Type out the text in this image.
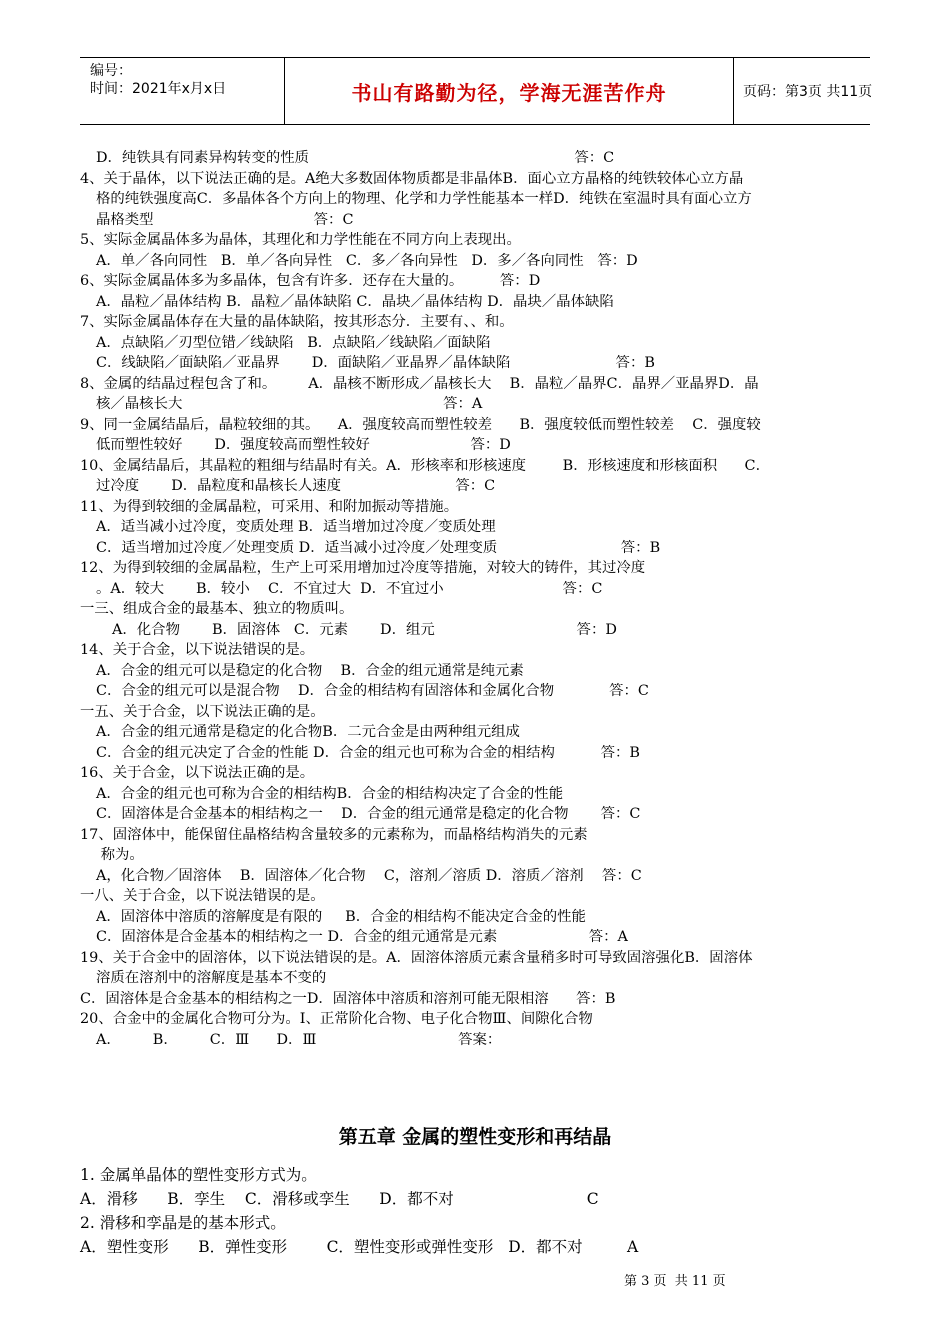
编号：
时间：2021年x月x日	书山有路勤为径，学海无涯苦作舟	页码：第3页 共11页
D．纯铁具有同素异构转变的性质                                                          答：C
4、关于晶体，以下说法正确的是。A绝大多数固体物质都是非晶体B．面心立方晶格的纯铁较体心立方晶
格的纯铁强度高C．多晶体各个方向上的物理、化学和力学性能基本一样D．纯铁在室温时具有面心立方
晶格类型                                   答：C
5、实际金属晶体多为晶体，其理化和力学性能在不同方向上表现出。
A．单／各向同性   B．单／各向异性   C．多／各向异性   D．多／各向同性   答：D
6、实际金属晶体多为多晶体，包含有许多．还存在大量的。        答：D
A．晶粒／晶体结构 B．晶粒／晶体缺陷 C．晶块／晶体结构 D．晶块／晶体缺陷
7、实际金属晶体存在大量的晶体缺陷，按其形态分．主要有、、和。
A．点缺陷／刃型位错／线缺陷   B．点缺陷／线缺陷／面缺陷
C．线缺陷／面缺陷／亚晶界       D．面缺陷／亚晶界／晶体缺陷                       答：B
8、金属的结晶过程包含了和。       A．晶核不断形成／晶核长大    B．晶粒／晶界C．晶界／亚晶界D．晶
核／晶核长大                                                         答：A
9、同一金属结晶后，晶粒较细的其。    A．强度较高而塑性较差      B．强度较低而塑性较差    C．强度较
低而塑性较好       D．强度较高而塑性较好                      答：D
10、金属结晶后，其晶粒的粗细与结晶时有关。A．形核率和形核速度        B．形核速度和形核面积      C．
过冷度       D．晶粒度和晶核长人速度                         答：C
11、为得到较细的金属晶粒，可采用、和附加振动等措施。
A．适当减小过冷度，变质处理 B．适当增加过冷度／变质处理
C．适当增加过冷度／处理变质 D．适当减小过冷度／处理变质                           答：B
12、为得到较细的金属晶粒，生产上可采用增加过冷度等措施，对较大的铸件，其过冷度
。A．较大       B．较小    C．不宜过大  D．不宜过小                          答：C
一三、组成合金的最基本、独立的物质叫。
A．化合物       B．固溶体   C．元素       D．组元                               答：D
14、关于合金，以下说法错误的是。
A．合金的组元可以是稳定的化合物    B．合金的组元通常是纯元素
C．合金的组元可以是混合物    D．合金的相结构有固溶体和金属化合物            答：C
一五、关于合金，以下说法正确的是。
A．合金的组元通常是稳定的化合物B．二元合金是由两种组元组成
C．合金的组元决定了合金的性能 D．合金的组元也可称为合金的相结构          答：B
16、关于合金，以下说法正确的是。
A．合金的组元也可称为合金的相结构B．合金的相结构决定了合金的性能
C．固溶体是合金基本的相结构之一    D．合金的组元通常是稳定的化合物       答：C
17、固溶体中，能保留住晶格结构含量较多的元素称为，而晶格结构消失的元素
称为。
A，化合物／固溶体    B．固溶体／化合物    C，溶剂／溶质 D．溶质／溶剂    答：C
一八、关于合金，以下说法错误的是。
A．固溶体中溶质的溶解度是有限的     B．合金的相结构不能决定合金的性能
C．固溶体是合金基本的相结构之一 D．合金的组元通常是元素                    答：A
19、关于合金中的固溶体，以下说法错误的是。A．固溶体溶质元素含量稍多时可导致固溶强化B．固溶体
溶质在溶剂中的溶解度是基本不变的
C．固溶体是合金基本的相结构之一D．固溶体中溶质和溶剂可能无限相溶      答：B
20、合金中的金属化合物可分为。I、正常阶化合物、电子化合物Ⅲ、间隙化合物
A．       B．       C．Ⅲ      D．Ⅲ                               答案：
第五章 金属的塑性变形和再结晶
1. 金属单晶体的塑性变形方式为。
A．滑移      B．孪生    C．滑移或孪生      D．都不对                           C
2. 滑移和孪晶是的基本形式。
A．塑性变形      B．弹性变形        C．塑性变形或弹性变形   D．都不对         A
第 3 页  共 11 页
